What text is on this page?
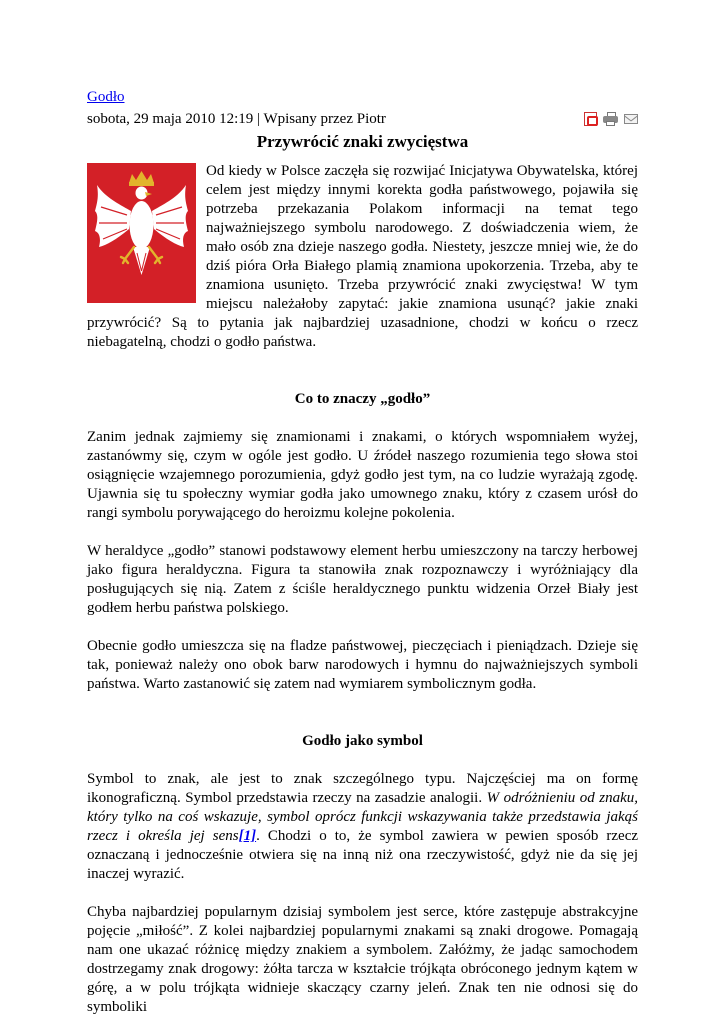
Godło
sobota, 29 maja 2010 12:19 | Wpisany przez Piotr
Przywrócić znaki zwycięstwa
Od kiedy w Polsce zaczęła się rozwijać Inicjatywa Obywatelska, której celem jest między innymi korekta godła państwowego, pojawiła się potrzeba przekazania Polakom informacji na temat tego najważniejszego symbolu narodowego. Z doświadczenia wiem, że mało osób zna dzieje naszego godła. Niestety, jeszcze mniej wie, że do dziś pióra Orła Białego plamią znamiona upokorzenia. Trzeba, aby te znamiona usunięto. Trzeba przywrócić znaki zwycięstwa! W tym miejscu należałoby zapytać: jakie znamiona usunąć? jakie znaki przywrócić? Są to pytania jak najbardziej uzasadnione, chodzi w końcu o rzecz niebagatelną, chodzi o godło państwa.
Co to znaczy „godło”

Zanim jednak zajmiemy się znamionami i znakami, o których wspomniałem wyżej, zastanówmy się, czym w ogóle jest godło. U źródeł naszego rozumienia tego słowa stoi osiągnięcie wzajemnego porozumienia, gdyż godło jest tym, na co ludzie wyrażają zgodę. Ujawnia się tu społeczny wymiar godła jako umownego znaku, który z czasem urósł do rangi symbolu porywającego do heroizmu kolejne pokolenia.

W heraldyce „godło” stanowi podstawowy element herbu umieszczony na tarczy herbowej jako figura heraldyczna. Figura ta stanowiła znak rozpoznawczy i wyróżniający dla posługujących się nią. Zatem z ściśle heraldycznego punktu widzenia Orzeł Biały jest godłem herbu państwa polskiego.

Obecnie godło umieszcza się na fladze państwowej, pieczęciach i pieniądzach. Dzieje się tak, ponieważ należy ono obok barw narodowych i hymnu do najważniejszych symboli państwa. Warto zastanowić się zatem nad wymiarem symbolicznym godła.

Godło jako symbol

Symbol to znak, ale jest to znak szczególnego typu. Najczęściej ma on formę ikonograficzną. Symbol przedstawia rzeczy na zasadzie analogii. W odróżnieniu od znaku, który tylko na coś wskazuje, symbol oprócz funkcji wskazywania także przedstawia jakąś rzecz i określa jej sens[1]. Chodzi o to, że symbol zawiera w pewien sposób rzecz oznaczaną i jednocześnie otwiera się na inną niż ona rzeczywistość, gdyż nie da się jej inaczej wyrazić.

Chyba najbardziej popularnym dzisiaj symbolem jest serce, które zastępuje abstrakcyjne pojęcie „miłość”. Z kolei najbardziej popularnymi znakami są znaki drogowe. Pomagają nam one ukazać różnicę między znakiem a symbolem. Załóżmy, że jadąc samochodem dostrzegamy znak drogowy: żółta tarcza w kształcie trójkąta obróconego jednym kątem w górę, a w polu trójkąta widnieje skaczący czarny jeleń. Znak ten nie odnosi się do symboliki
